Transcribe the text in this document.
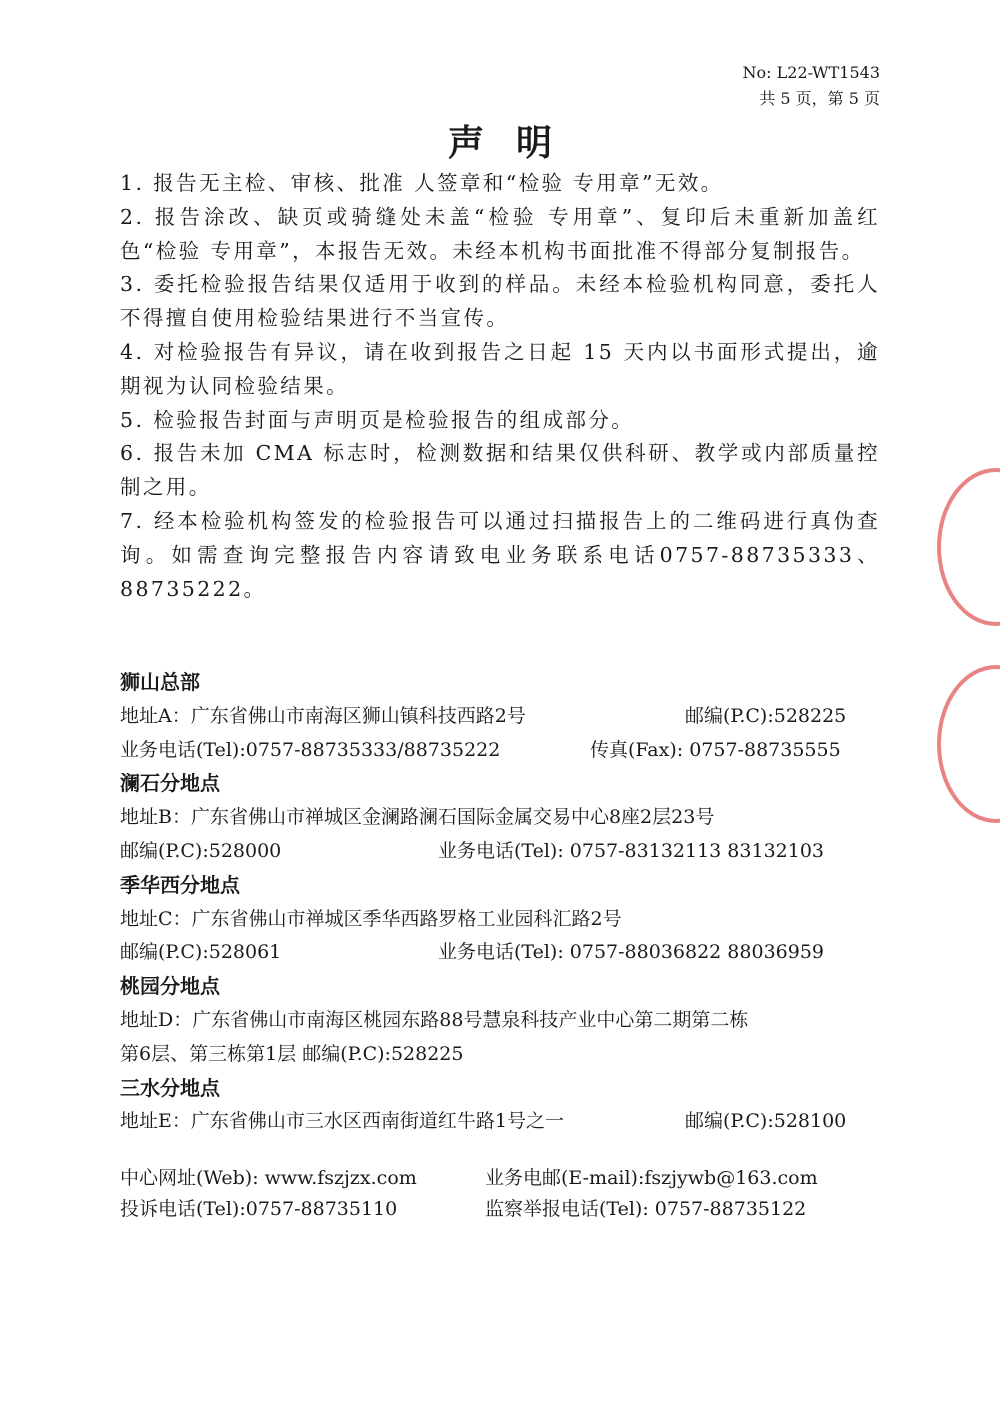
No: L22-WT1543
共 5 页，第 5 页
声明
1. 报告无主检、审核、批准 人签章和“检验 专用章”无效。
2. 报告涂改、缺页或骑缝处未盖“检验 专用章”、复印后未重新加盖红色“检验 专用章”，本报告无效。未经本机构书面批准不得部分复制报告。
3. 委托检验报告结果仅适用于收到的样品。未经本检验机构同意，委托人不得擅自使用检验结果进行不当宣传。
4. 对检验报告有异议，请在收到报告之日起 15 天内以书面形式提出，逾期视为认同检验结果。
5. 检验报告封面与声明页是检验报告的组成部分。
6. 报告未加 CMA 标志时，检测数据和结果仅供科研、教学或内部质量控制之用。
7. 经本检验机构签发的检验报告可以通过扫描报告上的二维码进行真伪查询。如需查询完整报告内容请致电业务联系电话0757-88735333、88735222。
狮山总部
地址A：广东省佛山市南海区狮山镇科技西路2号	邮编(P.C):528225
业务电话(Tel):0757-88735333/88735222	传真(Fax): 0757-88735555
澜石分地点
地址B：广东省佛山市禅城区金澜路澜石国际金属交易中心8座2层23号
邮编(P.C):528000	业务电话(Tel): 0757-83132113 83132103
季华西分地点
地址C：广东省佛山市禅城区季华西路罗格工业园科汇路2号
邮编(P.C):528061	业务电话(Tel): 0757-88036822 88036959
桃园分地点
地址D：广东省佛山市南海区桃园东路88号慧泉科技产业中心第二期第二栋
第6层、第三栋第1层 邮编(P.C):528225
三水分地点
地址E：广东省佛山市三水区西南街道红牛路1号之一	邮编(P.C):528100
中心网址(Web): www.fszjzx.com	业务电邮(E-mail):fszjywb@163.com
投诉电话(Tel):0757-88735110	监察举报电话(Tel): 0757-88735122
✶
✶
